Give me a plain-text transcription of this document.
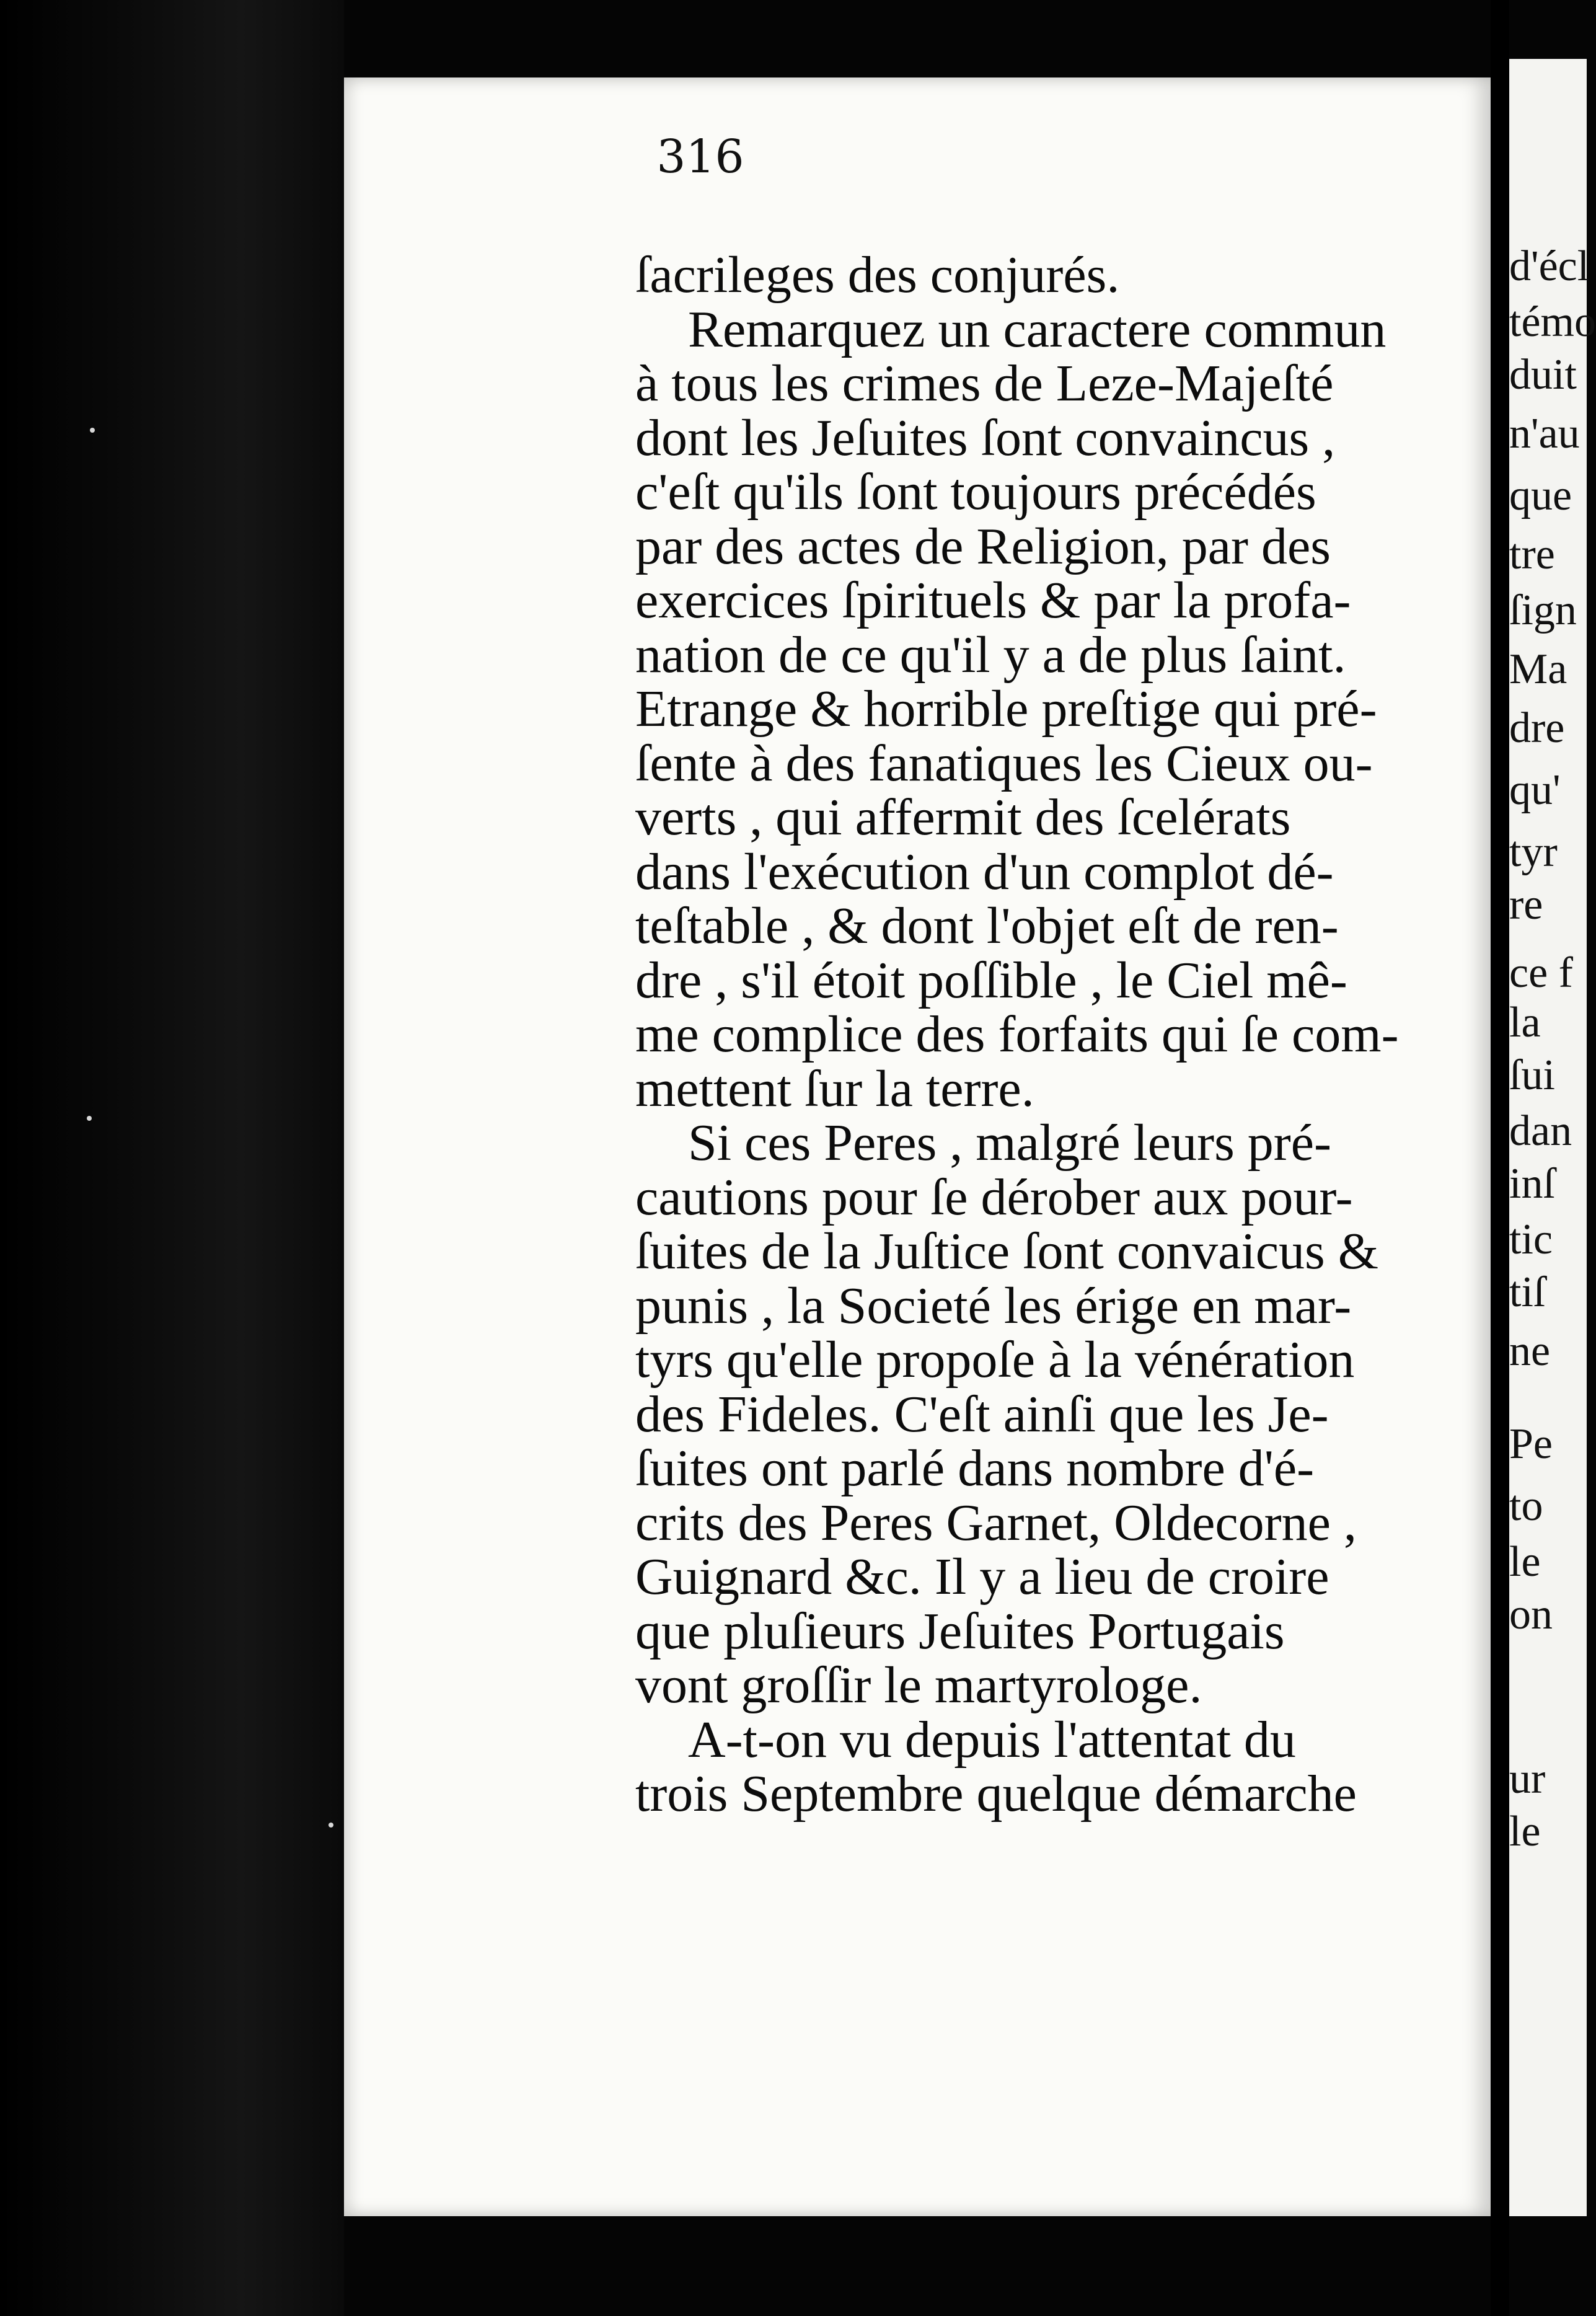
316
ſacrileges des conjurés.
Remarquez un caractere commun
à tous les crimes de Leze-Majeſté
dont les Jeſuites ſont convaincus ,
c'eſt qu'ils ſont toujours précédés
par des actes de Religion, par des
exercices ſpirituels & par la profa-
nation de ce qu'il y a de plus ſaint.
Etrange & horrible preſtige qui pré-
ſente à des fanatiques les Cieux ou-
verts , qui affermit des ſcelérats
dans l'exécution d'un complot dé-
teſtable , & dont l'objet eſt de ren-
dre , s'il étoit poſſible , le Ciel mê-
me complice des forfaits qui ſe com-
mettent ſur la terre.
Si ces Peres , malgré leurs pré-
cautions pour ſe dérober aux pour-
ſuites de la Juſtice ſont convaicus &
punis , la Societé les érige en mar-
tyrs qu'elle propoſe à la vénération
des Fideles. C'eſt ainſi que les Je-
ſuites ont parlé dans nombre d'é-
crits des Peres Garnet, Oldecorne ,
Guignard &c. Il y a lieu de croire
que pluſieurs Jeſuites Portugais
vont groſſir le martyrologe.
A-t-on vu depuis l'attentat du
trois Septembre quelque démarche
d'écl
témo
duit
n'au
que
tre
ſign
Ma
dre
qu'
tyr
re
ce f
la
ſui
dan
inſ
tic
tiſ
ne
Pe
to
le
on
ur
le
